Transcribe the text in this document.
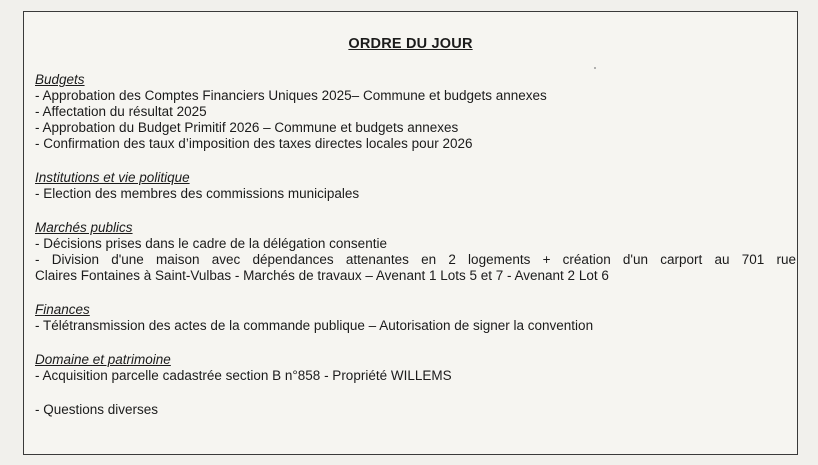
ORDRE DU JOUR
Budgets
- Approbation des Comptes Financiers Uniques 2025– Commune et budgets annexes
- Affectation du résultat 2025
- Approbation du Budget Primitif 2026 – Commune et budgets annexes
- Confirmation des taux d’imposition des taxes directes locales pour 2026
Institutions et vie politique
- Election des membres des commissions municipales
Marchés publics
- Décisions prises dans le cadre de la délégation consentie
- Division d'une maison avec dépendances attenantes en 2 logements + création d'un carport au 701 rue
Claires Fontaines à Saint-Vulbas - Marchés de travaux – Avenant 1 Lots 5 et 7 - Avenant 2 Lot 6
Finances
- Télétransmission des actes de la commande publique – Autorisation de signer la convention
Domaine et patrimoine
- Acquisition parcelle cadastrée section B n°858 - Propriété WILLEMS

- Questions diverses
